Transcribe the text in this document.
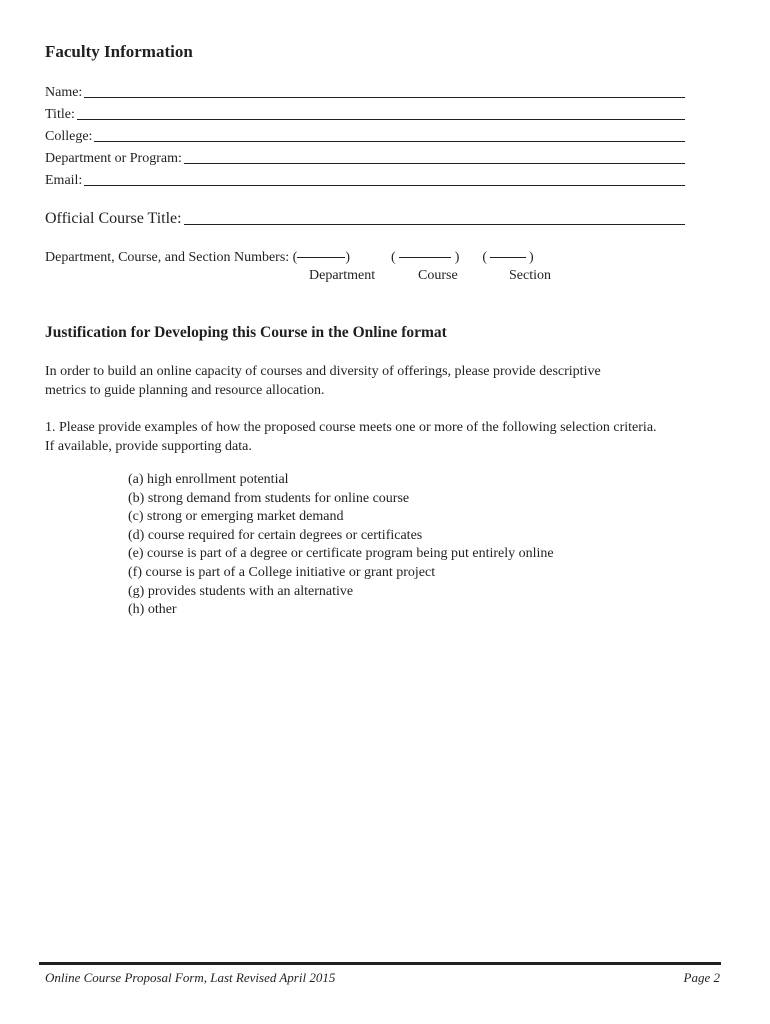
Faculty Information
Name:
Title:
College:
Department or Program:
Email:
Official Course Title:
Department, Course, and Section Numbers: (	)	(	) (	)
Department	Course	Section
Justification for Developing this Course in the Online format
In order to build an online capacity of courses and diversity of offerings, please provide descriptive
metrics to guide planning and resource allocation.
1. Please provide examples of how the proposed course meets one or more of the following selection criteria.
If available, provide supporting data.
(a) high enrollment potential
(b) strong demand from students for online course
(c) strong or emerging market demand
(d) course required for certain degrees or certificates
(e) course is part of a degree or certificate program being put entirely online
(f) course is part of a College initiative or grant project
(g) provides students with an alternative
(h) other
Online Course Proposal Form, Last Revised April 2015	Page 2
